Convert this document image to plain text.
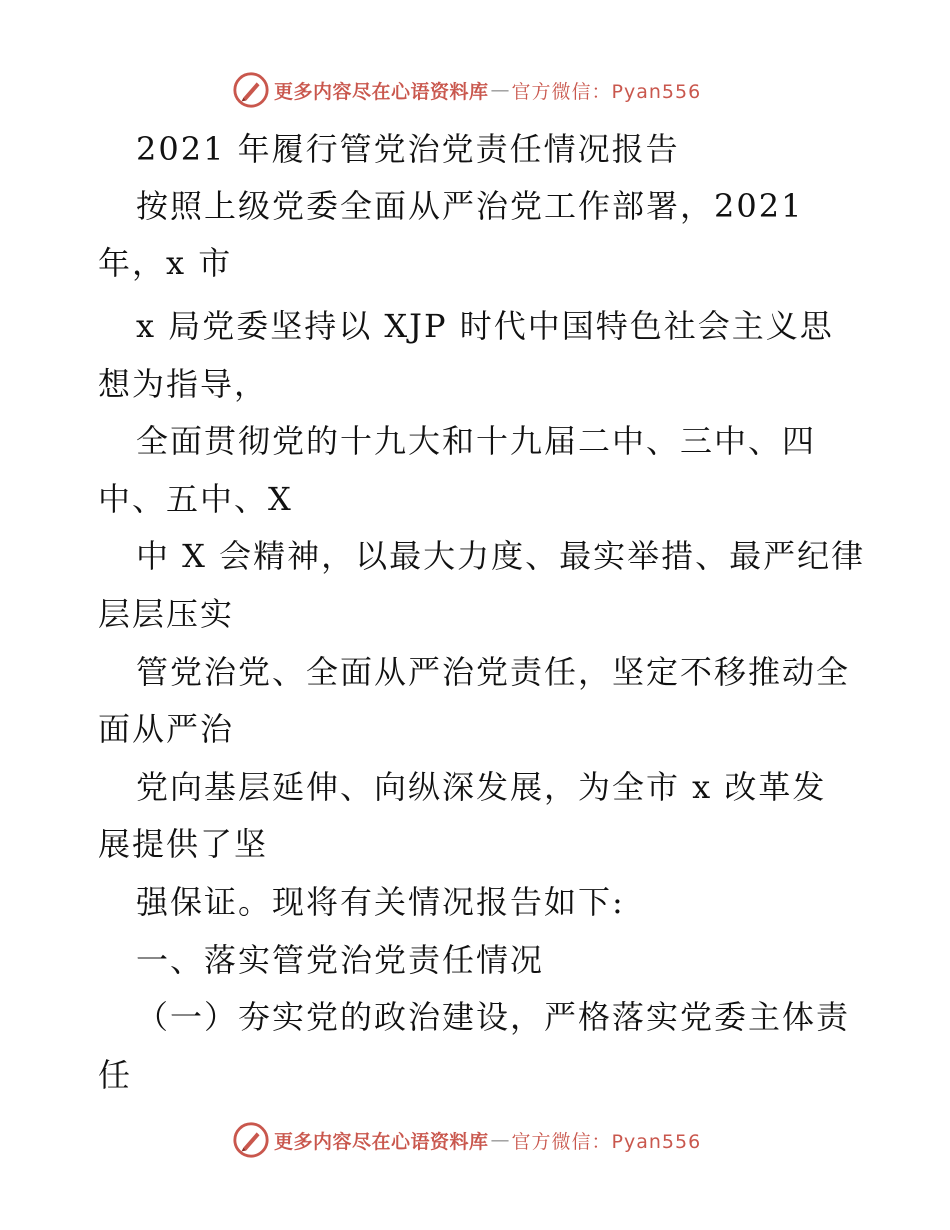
更多内容尽在心语资料库 — 官方微信：Pyan556
2021 年履行管党治党责任情况报告
按照上级党委全面从严治党工作部署，2021
年，x 市
x 局党委坚持以 XJP 时代中国特色社会主义思
想为指导，
全面贯彻党的十九大和十九届二中、三中、四
中、五中、X
中 X 会精神，以最大力度、最实举措、最严纪律
层层压实
管党治党、全面从严治党责任，坚定不移推动全
面从严治
党向基层延伸、向纵深发展，为全市 x 改革发
展提供了坚
强保证。现将有关情况报告如下:
一、落实管党治党责任情况
（一）夯实党的政治建设，严格落实党委主体责
任
更多内容尽在心语资料库 — 官方微信：Pyan556
